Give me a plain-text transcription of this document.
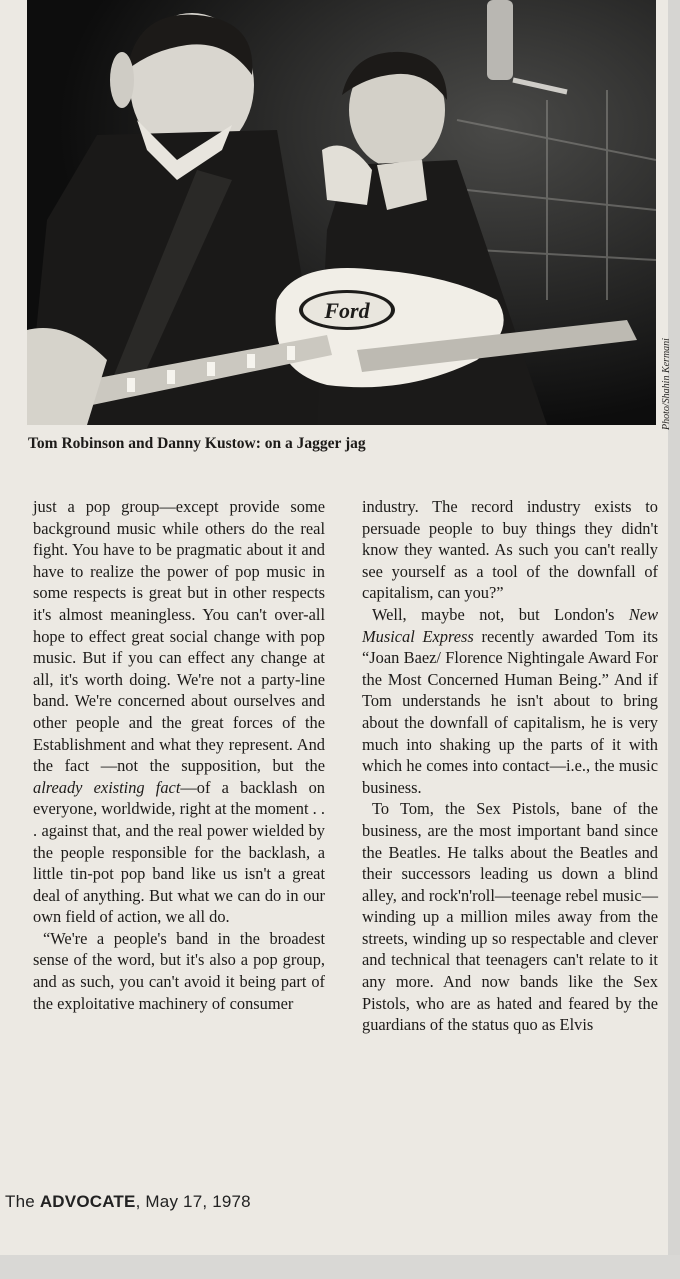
Ford
Photo/Shahin Kermani
Tom Robinson and Danny Kustow: on a Jagger jag

just a pop group—except provide some background music while others do the real fight. You have to be pragmatic about it and have to realize the power of pop music in some respects is great but in other respects it's almost meaningless. You can't over-all hope to effect great social change with pop music. But if you can effect any change at all, it's worth doing. We're not a party-line band. We're concerned about ourselves and other people and the great forces of the Establishment and what they represent. And the fact —not the supposition, but the already existing fact—of a backlash on everyone, worldwide, right at the moment . . . against that, and the real power wielded by the people responsible for the backlash, a little tin-pot pop band like us isn't a great deal of anything. But what we can do in our own field of action, we all do.

“We're a people's band in the broadest sense of the word, but it's also a pop group, and as such, you can't avoid it being part of the exploitative machinery of consumer

industry. The record industry exists to persuade people to buy things they didn't know they wanted. As such you can't really see yourself as a tool of the downfall of capitalism, can you?”

Well, maybe not, but London's New Musical Express recently awarded Tom its “Joan Baez/ Florence Nightingale Award For the Most Concerned Human Being.” And if Tom understands he isn't about to bring about the downfall of capitalism, he is very much into shaking up the parts of it with which he comes into contact—i.e., the music business.

To Tom, the Sex Pistols, bane of the business, are the most important band since the Beatles. He talks about the Beatles and their successors leading us down a blind alley, and rock'n'roll—teenage rebel music—winding up a million miles away from the streets, winding up so respectable and clever and technical that teenagers can't relate to it any more. And now bands like the Sex Pistols, who are as hated and feared by the guardians of the status quo as Elvis

The ADVOCATE, May 17, 1978
